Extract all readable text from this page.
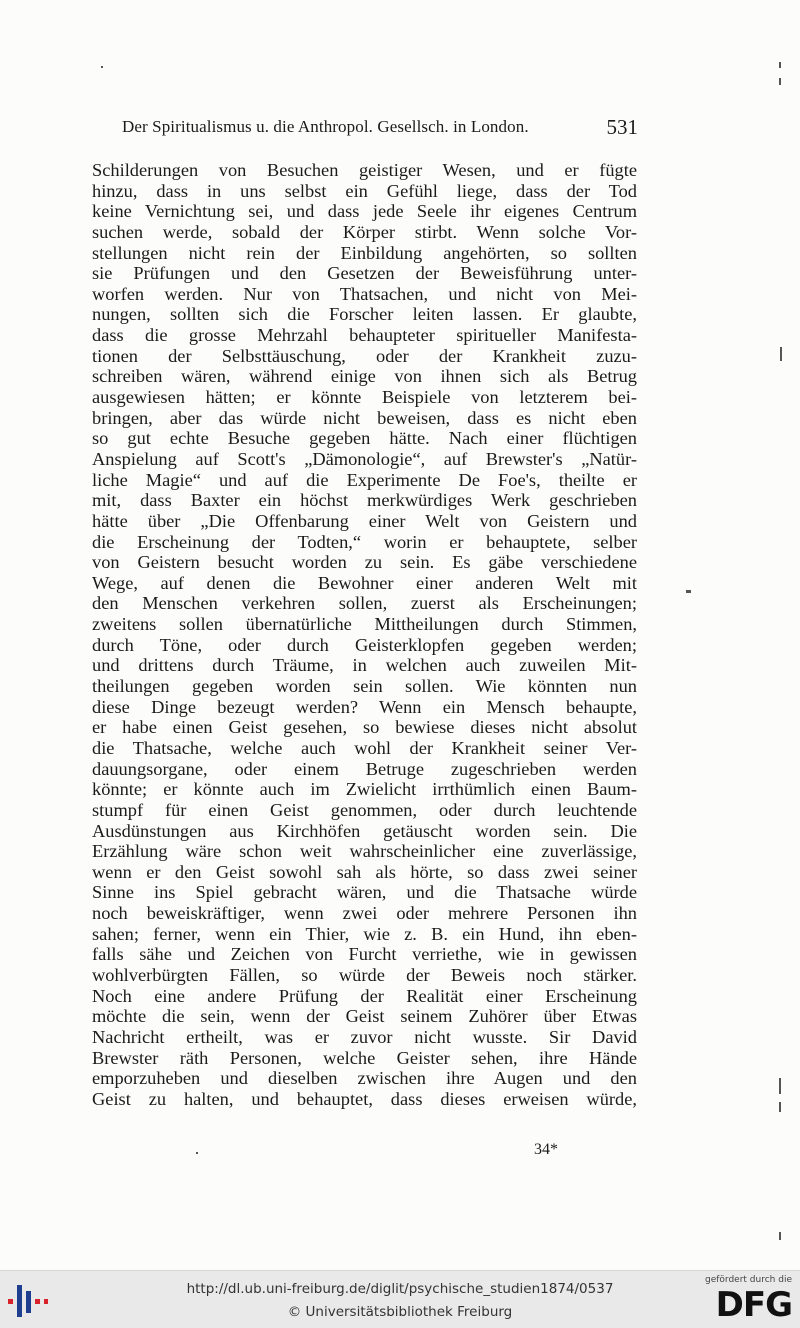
Der Spiritualismus u. die Anthropol. Gesellsch. in London.	531
Schilderungen von Besuchen geistiger Wesen, und er fügte
hinzu, dass in uns selbst ein Gefühl liege, dass der Tod
keine Vernichtung sei, und dass jede Seele ihr eigenes Centrum
suchen werde, sobald der Körper stirbt. Wenn solche Vor-
stellungen nicht rein der Einbildung angehörten, so sollten
sie Prüfungen und den Gesetzen der Beweisführung unter-
worfen werden. Nur von Thatsachen, und nicht von Mei-
nungen, sollten sich die Forscher leiten lassen. Er glaubte,
dass die grosse Mehrzahl behaupteter spiritueller Manifesta-
tionen der Selbsttäuschung, oder der Krankheit zuzu-
schreiben wären, während einige von ihnen sich als Betrug
ausgewiesen hätten; er könnte Beispiele von letzterem bei-
bringen, aber das würde nicht beweisen, dass es nicht eben
so gut echte Besuche gegeben hätte. Nach einer flüchtigen
Anspielung auf Scott's „Dämonologie“, auf Brewster's „Natür-
liche Magie“ und auf die Experimente De Foe's, theilte er
mit, dass Baxter ein höchst merkwürdiges Werk geschrieben
hätte über „Die Offenbarung einer Welt von Geistern und
die Erscheinung der Todten,“ worin er behauptete, selber
von Geistern besucht worden zu sein. Es gäbe verschiedene
Wege, auf denen die Bewohner einer anderen Welt mit
den Menschen verkehren sollen, zuerst als Erscheinungen;
zweitens sollen übernatürliche Mittheilungen durch Stimmen,
durch Töne, oder durch Geisterklopfen gegeben werden;
und drittens durch Träume, in welchen auch zuweilen Mit-
theilungen gegeben worden sein sollen. Wie könnten nun
diese Dinge bezeugt werden? Wenn ein Mensch behaupte,
er habe einen Geist gesehen, so bewiese dieses nicht absolut
die Thatsache, welche auch wohl der Krankheit seiner Ver-
dauungsorgane, oder einem Betruge zugeschrieben werden
könnte; er könnte auch im Zwielicht irrthümlich einen Baum-
stumpf für einen Geist genommen, oder durch leuchtende
Ausdünstungen aus Kirchhöfen getäuscht worden sein. Die
Erzählung wäre schon weit wahrscheinlicher eine zuverlässige,
wenn er den Geist sowohl sah als hörte, so dass zwei seiner
Sinne ins Spiel gebracht wären, und die Thatsache würde
noch beweiskräftiger, wenn zwei oder mehrere Personen ihn
sahen; ferner, wenn ein Thier, wie z. B. ein Hund, ihn eben-
falls sähe und Zeichen von Furcht verriethe, wie in gewissen
wohlverbürgten Fällen, so würde der Beweis noch stärker.
Noch eine andere Prüfung der Realität einer Erscheinung
möchte die sein, wenn der Geist seinem Zuhörer über Etwas
Nachricht ertheilt, was er zuvor nicht wusste. Sir David
Brewster räth Personen, welche Geister sehen, ihre Hände
emporzuheben und dieselben zwischen ihre Augen und den
Geist zu halten, und behauptet, dass dieses erweisen würde,
34*
http://dl.ub.uni-freiburg.de/diglit/psychische_studien1874/0537
© Universitätsbibliothek Freiburg
gefördert durch die
DFG
